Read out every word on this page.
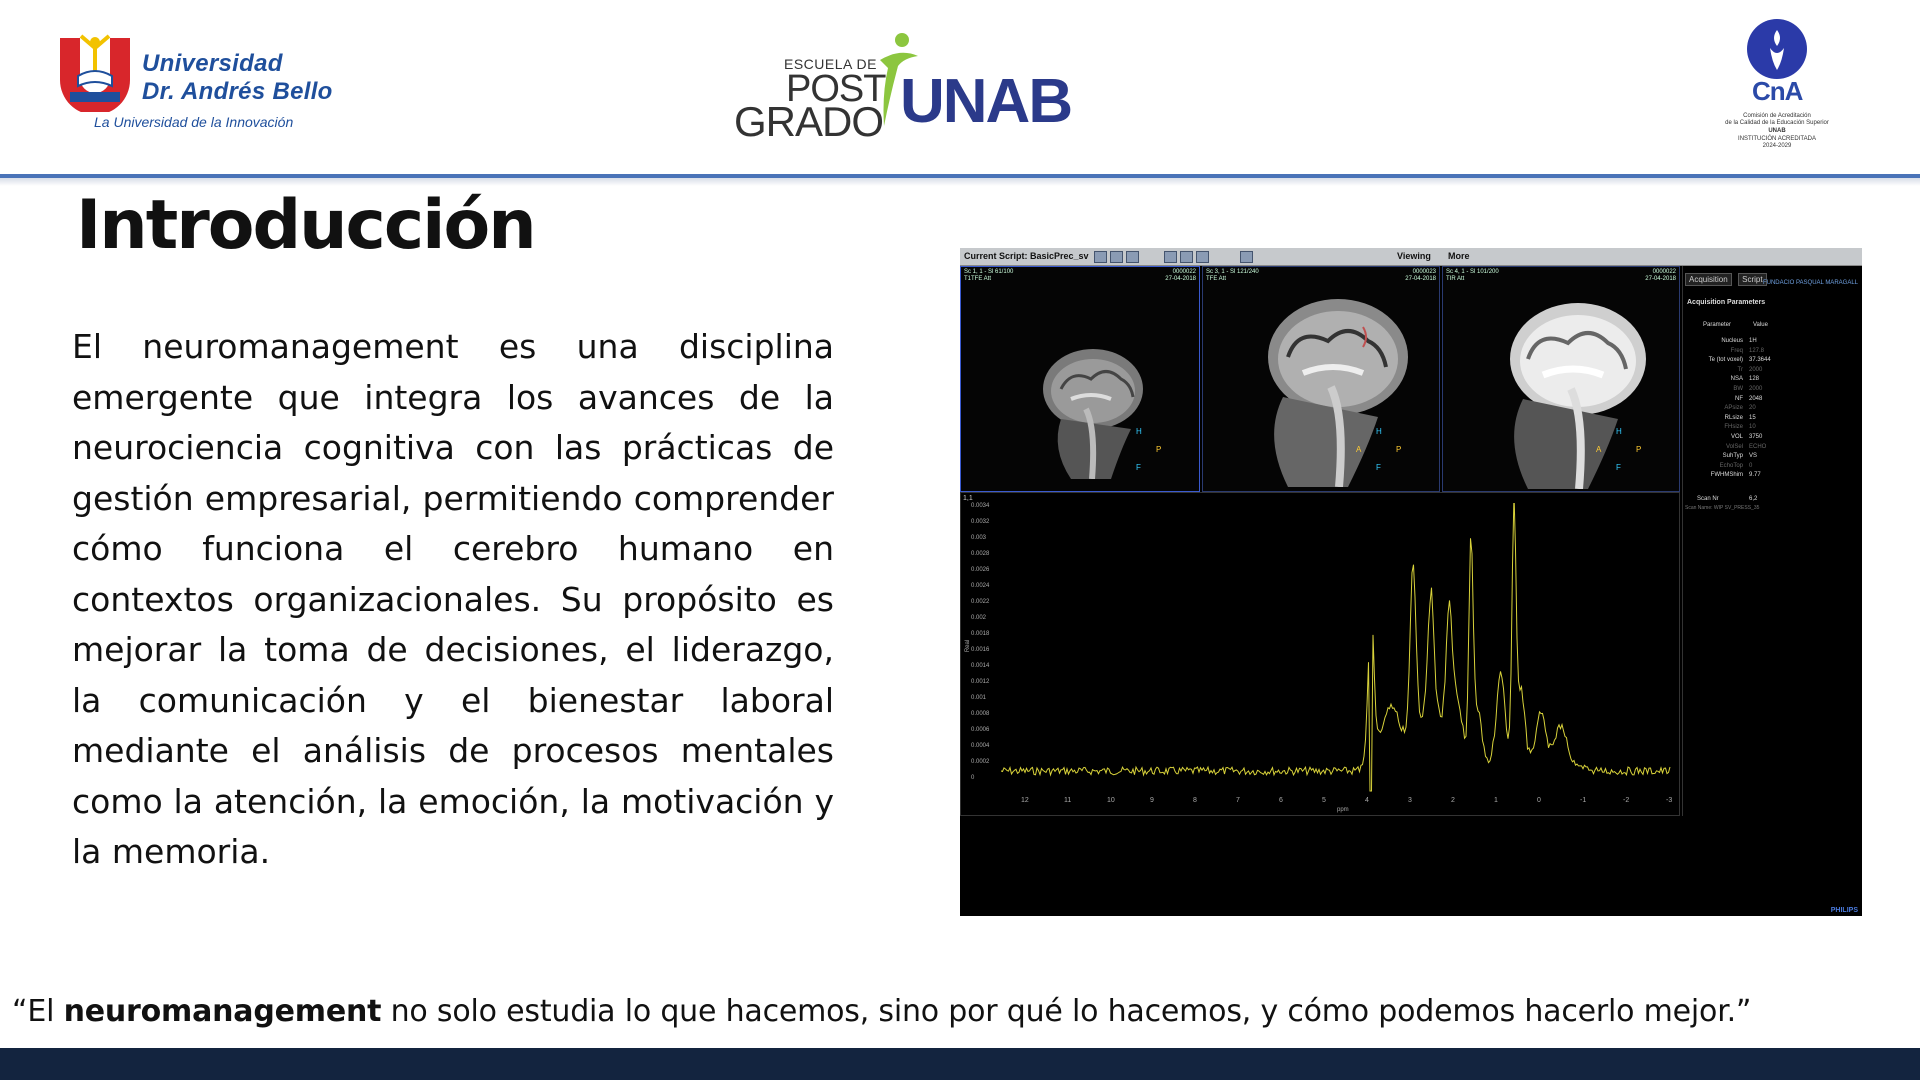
Universidad
Dr. Andrés Bello
La Universidad de la Innovación
ESCUELA DE
POST
GRADO UNAB	CnA
Comisión de Acreditación
de la Calidad de la Educación Superior
UNAB
INSTITUCIÓN ACREDITADA
2024-2029
Introducción

El neuromanagement es una disciplina emergente que integra los avances de la neurociencia cognitiva con las prácticas de gestión empresarial, permitiendo comprender cómo funciona el cerebro humano en contextos organizacionales. Su propósito es mejorar la toma de decisiones, el liderazgo, la comunicación y el bienestar laboral mediante el análisis de procesos mentales como la atención, la emoción, la motivación y la memoria.

Current Script: BasicPrec_sv	Viewing More
Sc 1, 1 - Sl 61/100
T1TFE Att
0000022
27-04-2018
H
P
F
Sc 3, 1 - Sl 121/240
TFE Att
0000023
27-04-2018
H
A	P
F
Sc 4, 1 - Sl 101/200
TIR Att
0000022
27-04-2018
H
A	P
F
1,1
Real
0.0034
0.0032
0.003
0.0028
0.0026
0.0024
0.0022
0.002
0.0018
0.0016
0.0014
0.0012
0.001
0.0008
0.0006
0.0004
0.0002
0
12	11	10	9	8	7	6	5	4	3	2	1	0	-1	-2	-3
ppm
Acquisition Script FUNDACIO PASQUAL MARAGALL
Acquisition Parameters
Parameter	Value
Nucleus 1H
Freq 127.8
Te (tot voxel) 37.3644
Tr 2000
NSA 128
BW 2000
NF 2048
APsize 20
RLsize 15
FHsize 10
VOL 3750
VolSel ECHO
SuhTyp VS
EchoTop 0
FWHMShim 9.77
Scan Nr	6,2
Scan Name: WIP SV_PRESS_35
PHILIPS
“El neuromanagement no solo estudia lo que hacemos, sino por qué lo hacemos, y cómo podemos hacerlo mejor.”
